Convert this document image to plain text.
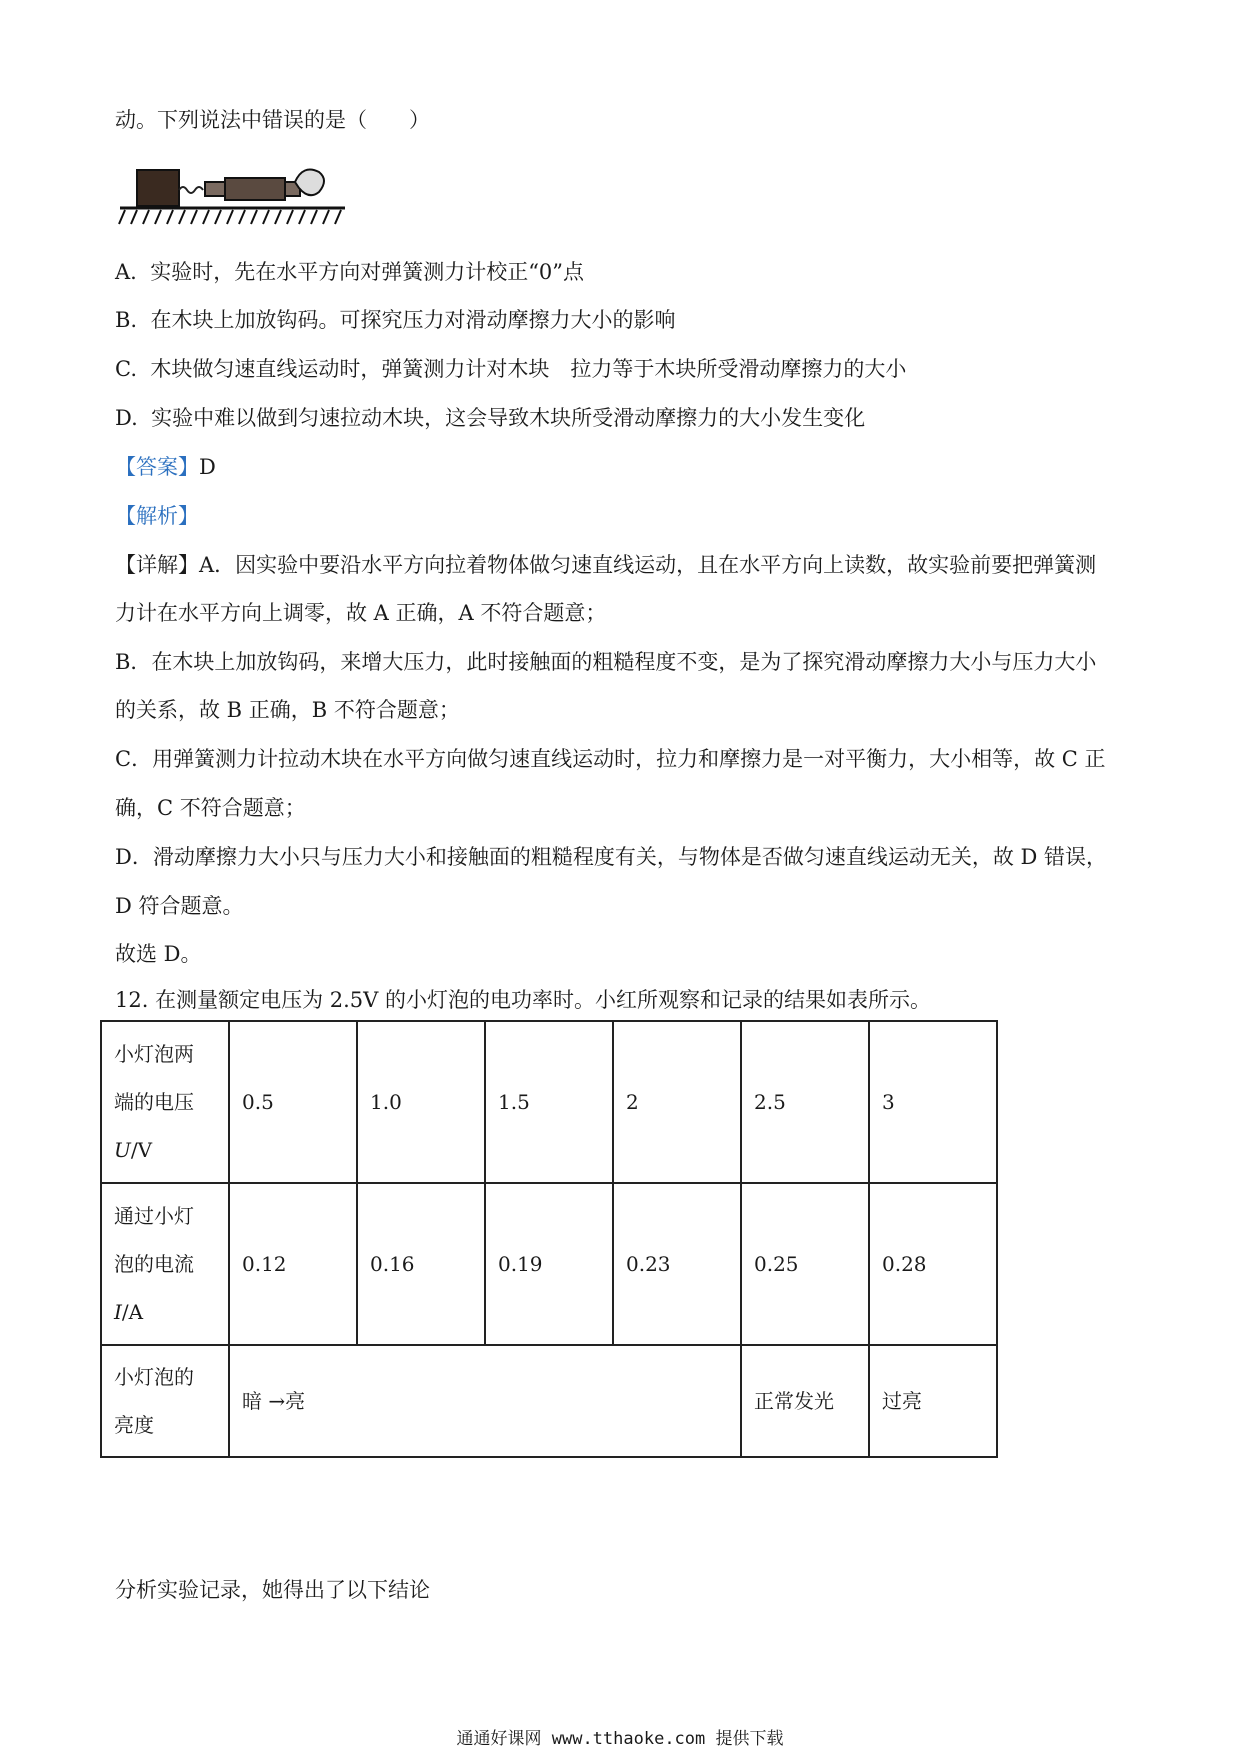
动。下列说法中错误的是（　　）
A. 实验时，先在水平方向对弹簧测力计校正“0”点
B. 在木块上加放钩码。可探究压力对滑动摩擦力大小的影响
C. 木块做匀速直线运动时，弹簧测力计对木块　拉力等于木块所受滑动摩擦力的大小
D. 实验中难以做到匀速拉动木块，这会导致木块所受滑动摩擦力的大小发生变化
【答案】D
【解析】
【详解】A．因实验中要沿水平方向拉着物体做匀速直线运动，且在水平方向上读数，故实验前要把弹簧测
力计在水平方向上调零，故 A 正确，A 不符合题意；
B．在木块上加放钩码，来增大压力，此时接触面的粗糙程度不变，是为了探究滑动摩擦力大小与压力大小
的关系，故 B 正确，B 不符合题意；
C．用弹簧测力计拉动木块在水平方向做匀速直线运动时，拉力和摩擦力是一对平衡力，大小相等，故 C 正
确，C 不符合题意；
D．滑动摩擦力大小只与压力大小和接触面的粗糙程度有关，与物体是否做匀速直线运动无关，故 D 错误，
D 符合题意。
故选 D。
12. 在测量额定电压为 2.5V 的小灯泡的电功率时。小红所观察和记录的结果如表所示。
小灯泡两
端的电压
U/V	0.5	1.0	1.5	2	2.5	3

通过小灯
泡的电流
I/A	0.12	0.16	0.19	0.23	0.25	0.28

小灯泡的
亮度	暗 →亮				正常发光	过亮
分析实验记录，她得出了以下结论
通通好课网 www.tthaoke.com 提供下载
